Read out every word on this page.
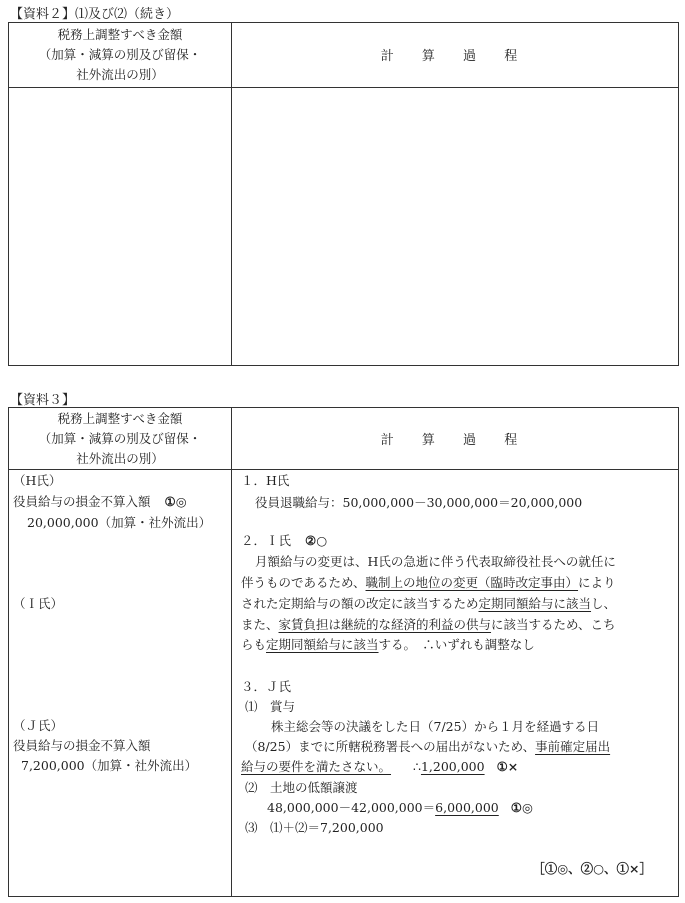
【資料２】⑴及び⑵（続き）
税務上調整すべき金額
（加算・減算の別及び留保・
社外流出の別）
計 算 過 程
【資料３】
税務上調整すべき金額
（加算・減算の別及び留保・
社外流出の別）
計 算 過 程
（H氏）
役員給与の損金不算入額 ①◎
20,000,000（加算・社外流出）
（Ｉ氏）
（Ｊ氏）
役員給与の損金不算入額
7,200,000（加算・社外流出）
１．H氏
役員退職給与：50,000,000－30,000,000＝20,000,000
２．Ｉ氏 ②○
月額給与の変更は、H氏の急逝に伴う代表取締役社長への就任に
伴うものであるため、職制上の地位の変更（臨時改定事由）により
された定期給与の額の改定に該当するため定期同額給与に該当し、
また、家賃負担は継続的な経済的利益の供与に該当するため、こち
らも定期同額給与に該当する。　∴いずれも調整なし
３．Ｊ氏
⑴　賞与
株主総会等の決議をした日（7/25）から１月を経過する日
（8/25）までに所轄税務署長への届出がないため、事前確定届出
給与の要件を満たさない。 ∴1,200,000 ①×
⑵　土地の低額譲渡
48,000,000－42,000,000＝6,000,000 ①◎
⑶　⑴＋⑵＝7,200,000
［①◎、②○、①×］
